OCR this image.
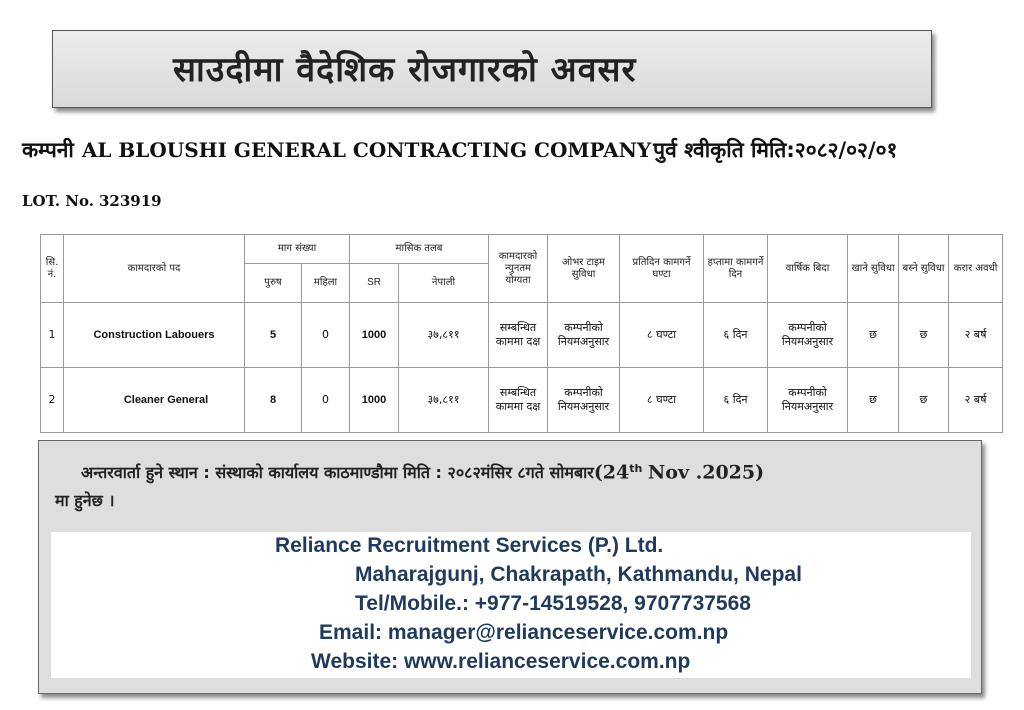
साउदीमा वैदेशिक रोजगारको अवसर
कम्पनी AL BLOUSHI GENERAL CONTRACTING COMPANYपुर्व श्वीकृति मिति:२०८२/०२/०१
LOT. No. 323919
सि. नं.	कामदारको पद	माग संख्या		मासिक तलब		कामदारको न्युनतम योग्यता	ओभर टाइम सुविधा	प्रतिदिन कामगर्ने घण्टा	हप्तामा कामगर्ने दिन	वार्षिक बिदा	खाने सुविधा	बस्ने सुविधा	करार अवधी
		पुरुष	महिला	SR	नेपाली								
1	Construction Labouers	5	0	1000	३७,८११	सम्बन्धित काममा दक्ष	कम्पनीको नियमअनुसार	८ घण्टा	६ दिन	कम्पनीको नियमअनुसार	छ	छ	२ बर्ष
2	Cleaner General	8	0	1000	३७,८११	सम्बन्धित काममा दक्ष	कम्पनीको नियमअनुसार	८ घण्टा	६ दिन	कम्पनीको नियमअनुसार	छ	छ	२ बर्ष
अन्तरवार्ता हुने स्थान : संस्थाको कार्यालय काठमाण्डौमा मिति : २०८२मंसिर ८गते सोमबार(24th Nov .2025)
मा हुनेछ ।
Reliance Recruitment Services (P.) Ltd.
Maharajgunj, Chakrapath, Kathmandu, Nepal
Tel/Mobile.: +977-14519528, 9707737568
Email: manager@relianceservice.com.np
Website: www.relianceservice.com.np
